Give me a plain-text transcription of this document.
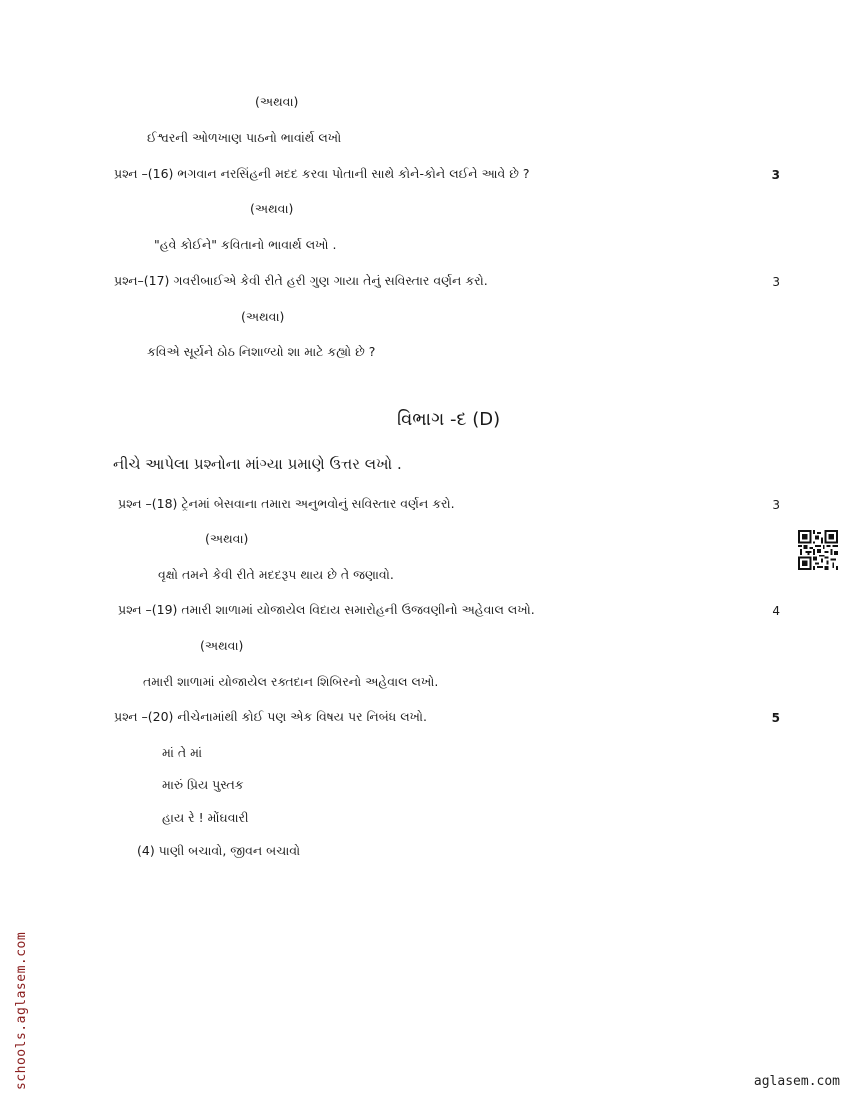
(અથવા)
ઈશ્વરની ઓળખાણ પાઠનો ભાવાંર્થ લખો
પ્રશ્ન –(16) ભગવાન નરસિંહની મદદ કરવા પોતાની સાથે કોને-કોને લઈને આવે છે ?	3
(અથવા)
"હવે કોઈને" કવિતાનો ભાવાર્થ લખો .
પ્રશ્ન–(17) ગવરીબાઈએ કેવી રીતે હરી ગુણ ગાયા તેનું સવિસ્તાર વર્ણન કરો.	3
(અથવા)
કવિએ સૂર્યને ઠોઠ નિશાળ્યો શા માટે કહ્યો છે ?
વિભાગ -દ (D)
નીચે આપેલા પ્રશ્નોના માંગ્યા પ્રમાણે ઉત્તર લખો .
પ્રશ્ન –(18) ટ્રેનમાં બેસવાના તમારા અનુભવોનું સવિસ્તાર વર્ણન કરો.	3
(અથવા)
વૃક્ષો તમને કેવી રીતે મદદરૂપ થાય છે તે જણાવો.
પ્રશ્ન –(19) તમારી શાળામાં યોજાયેલ વિદાય સમારોહની ઉજવણીનો અહેવાલ લખો.	4
(અથવા)
તમારી શાળામાં યોજાયેલ રક્તદાન શિબિરનો અહેવાલ લખો.
પ્રશ્ન –(20) નીચેનામાંથી કોઈ પણ એક વિષય પર નિબંધ લખો.	5
માં તે માં
મારું પ્રિય પુસ્તક
હાય રે ! મોંઘવારી
(4) પાણી બચાવો, જીવન બચાવો
schools.aglasem.com	aglasem.com
